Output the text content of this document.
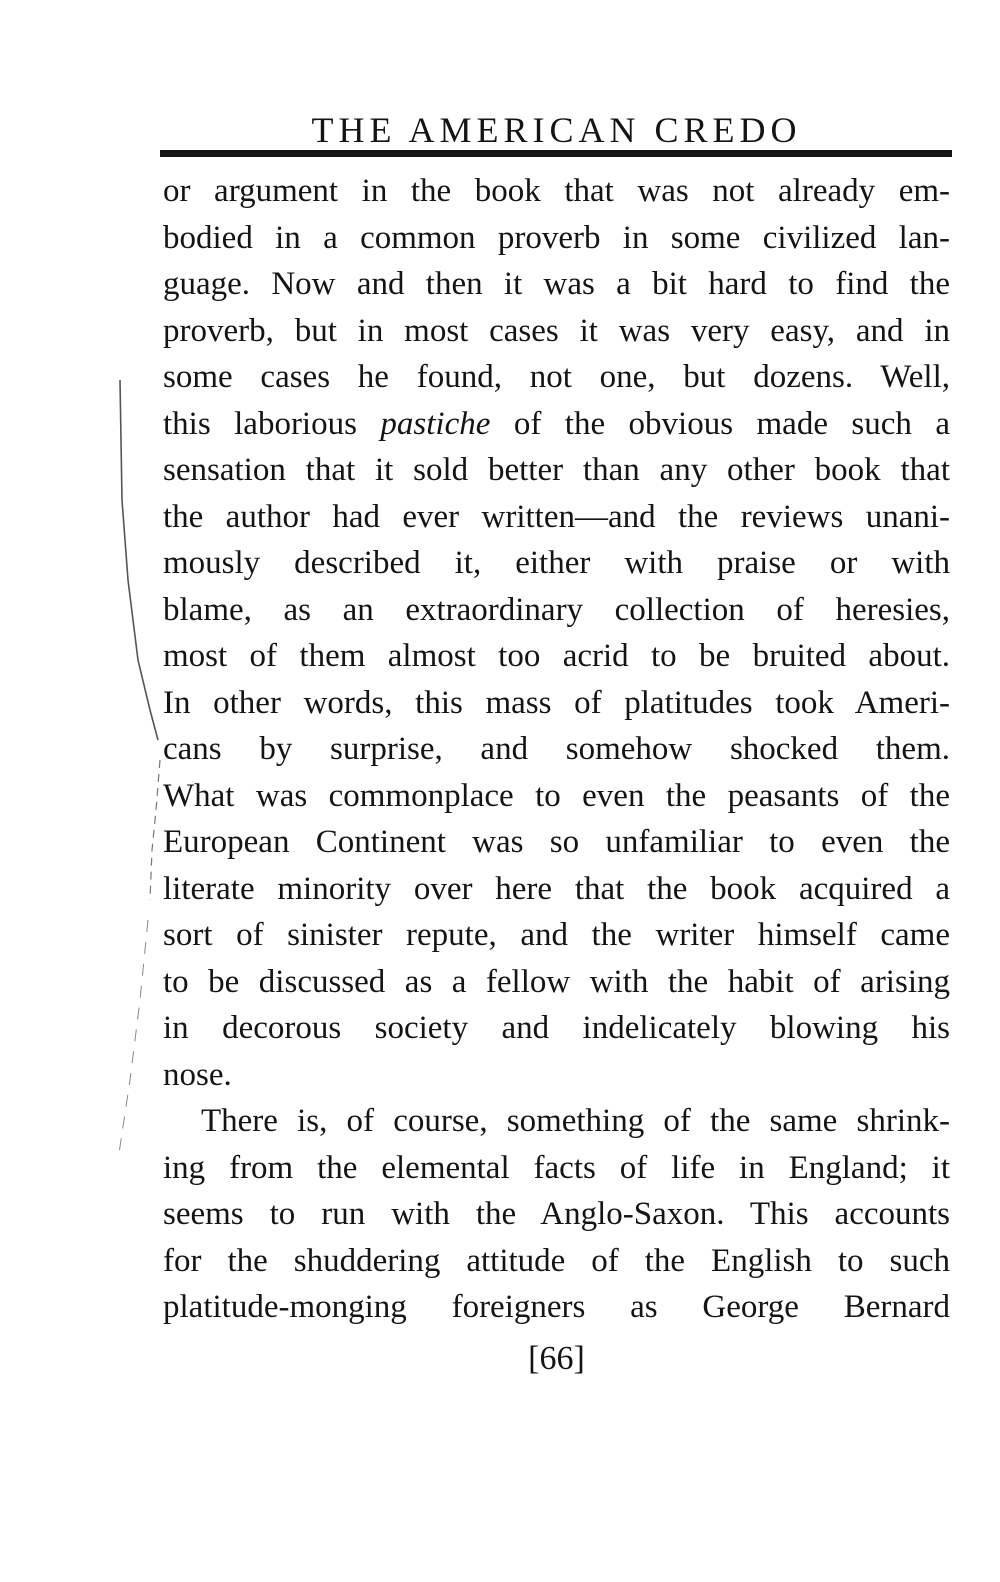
THE AMERICAN CREDO
or argument in the book that was not already em-
bodied in a common proverb in some civilized lan-
guage. Now and then it was a bit hard to find the
proverb, but in most cases it was very easy, and in
some cases he found, not one, but dozens. Well,
this laborious pastiche of the obvious made such a
sensation that it sold better than any other book that
the author had ever written—and the reviews unani-
mously described it, either with praise or with
blame, as an extraordinary collection of heresies,
most of them almost too acrid to be bruited about.
In other words, this mass of platitudes took Ameri-
cans by surprise, and somehow shocked them.
What was commonplace to even the peasants of the
European Continent was so unfamiliar to even the
literate minority over here that the book acquired a
sort of sinister repute, and the writer himself came
to be discussed as a fellow with the habit of arising
in decorous society and indelicately blowing his
nose.
There is, of course, something of the same shrink-
ing from the elemental facts of life in England; it
seems to run with the Anglo-Saxon. This accounts
for the shuddering attitude of the English to such
platitude-monging foreigners as George Bernard
[66]
